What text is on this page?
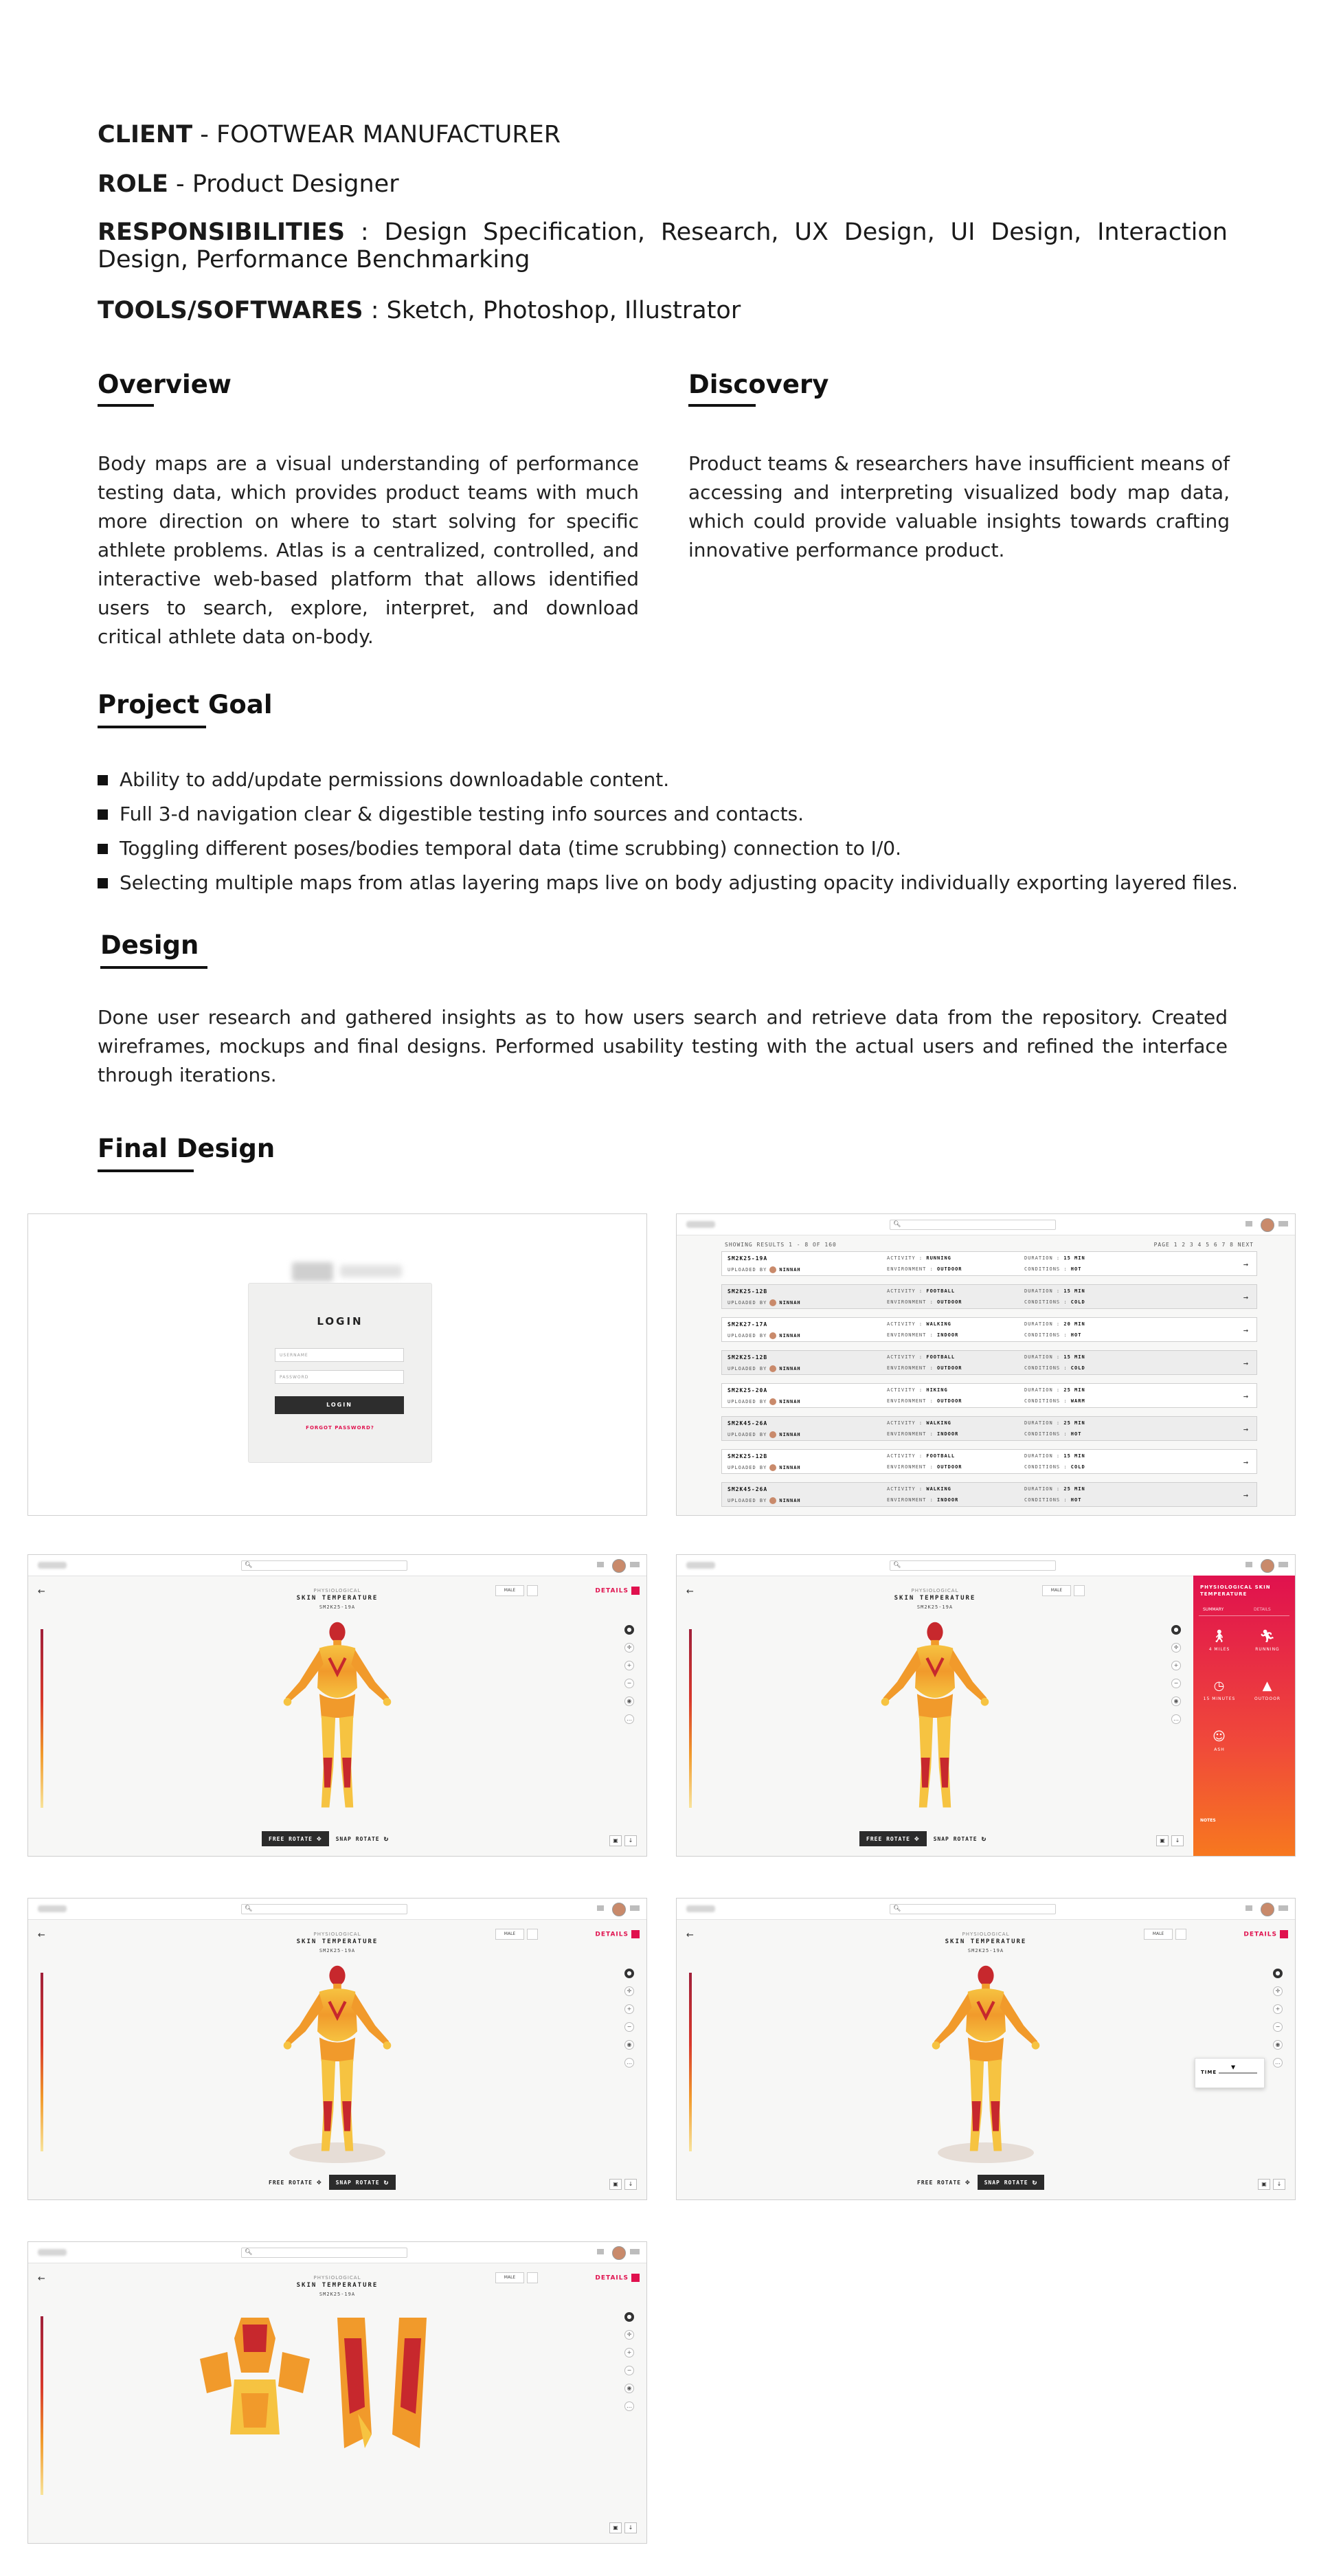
CLIENT - FOOTWEAR MANUFACTURER
ROLE - Product Designer
RESPONSIBILITIES : Design Specification, Research, UX Design, UI Design, Interaction Design, Performance Benchmarking
TOOLS/SOFTWARES : Sketch, Photoshop, Illustrator
Overview
Body maps are a visual understanding of performance testing data, which provides product teams with much more direction on where to start solving for specific athlete problems. Atlas is a centralized, controlled, and interactive web-based platform that allows identified users to search, explore, interpret, and download critical athlete data on-body.
Discovery
Product teams & researchers have insufficient means of accessing and interpreting visualized body map data, which could provide valuable insights towards crafting innovative performance product.
Project Goal
Ability to add/update permissions downloadable content.
Full 3-d navigation clear & digestible testing info sources and contacts.
Toggling different poses/bodies temporal data (time scrubbing) connection to I/0.
Selecting multiple maps from atlas layering maps live on body adjusting opacity individually exporting layered files.
Design
Done user research and gathered insights as to how users search and retrieve data from the repository. Created wireframes, mockups and final designs. Performed usability testing with the actual users and refined the interface through iterations.
Final Design
LOGIN
USERNAME
PASSWORD
LOGIN
FORGOT PASSWORD?
🔍︎
SHOWING RESULTS 1 - 8 OF 160	PAGE 1 2 3 4 5 6 7 8 NEXT
SM2K25-19A	ACTIVITY : RUNNING	DURATION : 15 MIN
UPLOADED BY	NINNAH	ENVIRONMENT : OUTDOOR	CONDITIONS : HOT	→
SM2K25-12B	ACTIVITY : FOOTBALL	DURATION : 15 MIN
UPLOADED BY	NINNAH	ENVIRONMENT : OUTDOOR	CONDITIONS : COLD	→
SM2K27-17A	ACTIVITY : WALKING	DURATION : 20 MIN
UPLOADED BY	NINNAH	ENVIRONMENT : INDOOR	CONDITIONS : HOT	→
SM2K25-12B	ACTIVITY : FOOTBALL	DURATION : 15 MIN
UPLOADED BY	NINNAH	ENVIRONMENT : OUTDOOR	CONDITIONS : COLD	→
SM2K25-20A	ACTIVITY : HIKING	DURATION : 25 MIN
UPLOADED BY	NINNAH	ENVIRONMENT : OUTDOOR	CONDITIONS : WARM	→
SM2K45-26A	ACTIVITY : WALKING	DURATION : 25 MIN
UPLOADED BY	NINNAH	ENVIRONMENT : INDOOR	CONDITIONS : HOT	→
SM2K25-12B	ACTIVITY : FOOTBALL	DURATION : 15 MIN
UPLOADED BY	NINNAH	ENVIRONMENT : OUTDOOR	CONDITIONS : COLD	→
SM2K45-26A	ACTIVITY : WALKING	DURATION : 25 MIN
UPLOADED BY	NINNAH	ENVIRONMENT : INDOOR	CONDITIONS : HOT	→
🔍︎
←	PHYSIOLOGICAL
SKIN TEMPERATURE
SM2K25-19A
MALE
●
✛
+
−
◉
…
▣ ↓
DETAILS
FREE ROTATE ✥	SNAP ROTATE ↻
🔍︎
←	PHYSIOLOGICAL
SKIN TEMPERATURE
SM2K25-19A
MALE
●
✛
+
−
◉
…
▣ ↓
FREE ROTATE ✥	SNAP ROTATE ↻
PHYSIOLOGICAL SKIN TEMPERATURE
SUMMARY	DETAILS
🚶︎
4 MILES
🏃︎
RUNNING
◷
15 MINUTES
▲
OUTDOOR
☺
ASH
NOTES
🔍︎
←	PHYSIOLOGICAL
SKIN TEMPERATURE
SM2K25-19A
MALE
●
✛
+
−
◉
…
▣ ↓
DETAILS
FREE ROTATE ✥	SNAP ROTATE ↻
🔍︎
←	PHYSIOLOGICAL
SKIN TEMPERATURE
SM2K25-19A
MALE
●
✛
+
−
◉
…
▣ ↓
DETAILS
FREE ROTATE ✥	SNAP ROTATE ↻
TIME
▼
🔍︎
←	PHYSIOLOGICAL
SKIN TEMPERATURE
SM2K25-19A
MALE
●
✛
+
−
◉
…
▣ ↓
DETAILS
